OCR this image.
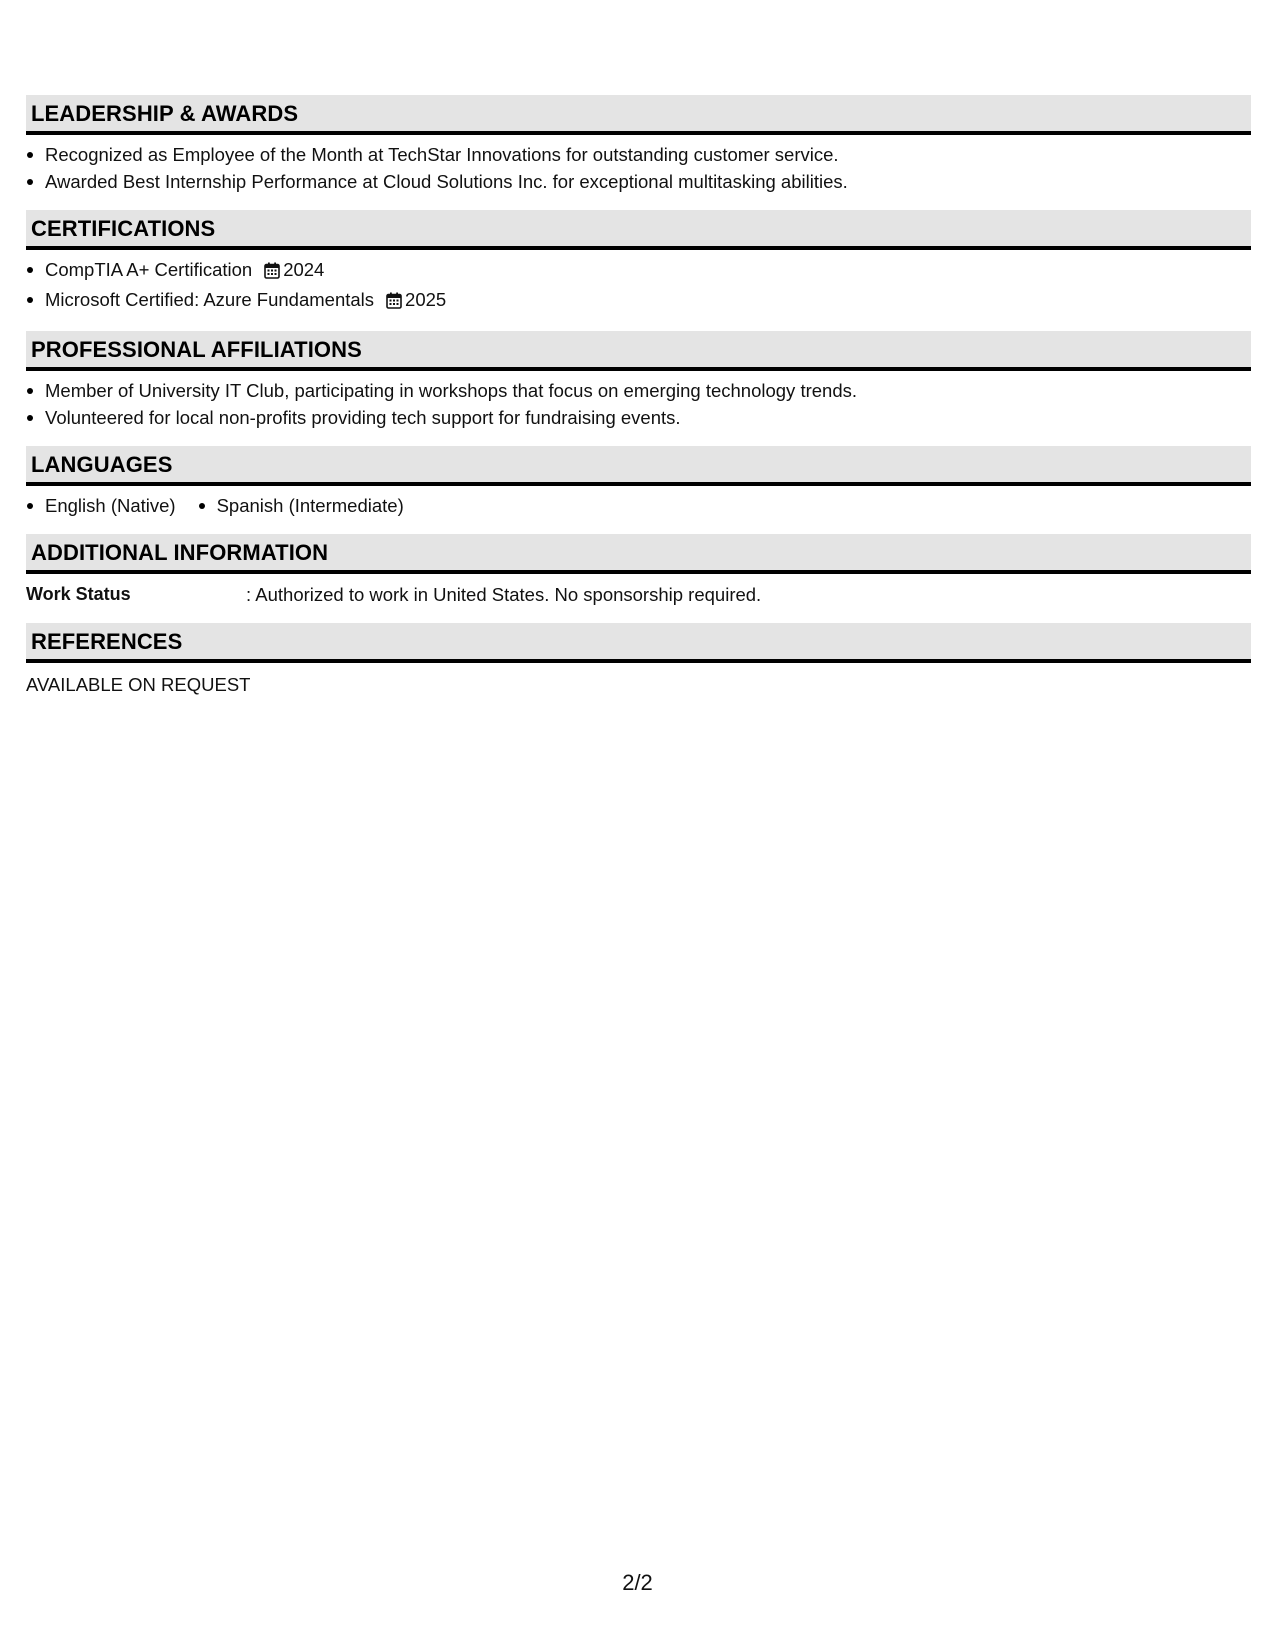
LEADERSHIP & AWARDS
Recognized as Employee of the Month at TechStar Innovations for outstanding customer service.
Awarded Best Internship Performance at Cloud Solutions Inc. for exceptional multitasking abilities.
CERTIFICATIONS
CompTIA A+ Certification 2024
Microsoft Certified: Azure Fundamentals 2025
PROFESSIONAL AFFILIATIONS
Member of University IT Club, participating in workshops that focus on emerging technology trends.
Volunteered for local non-profits providing tech support for fundraising events.
LANGUAGES
English (Native)	Spanish (Intermediate)
ADDITIONAL INFORMATION
Work Status	: Authorized to work in United States. No sponsorship required.
REFERENCES
AVAILABLE ON REQUEST
2/2
